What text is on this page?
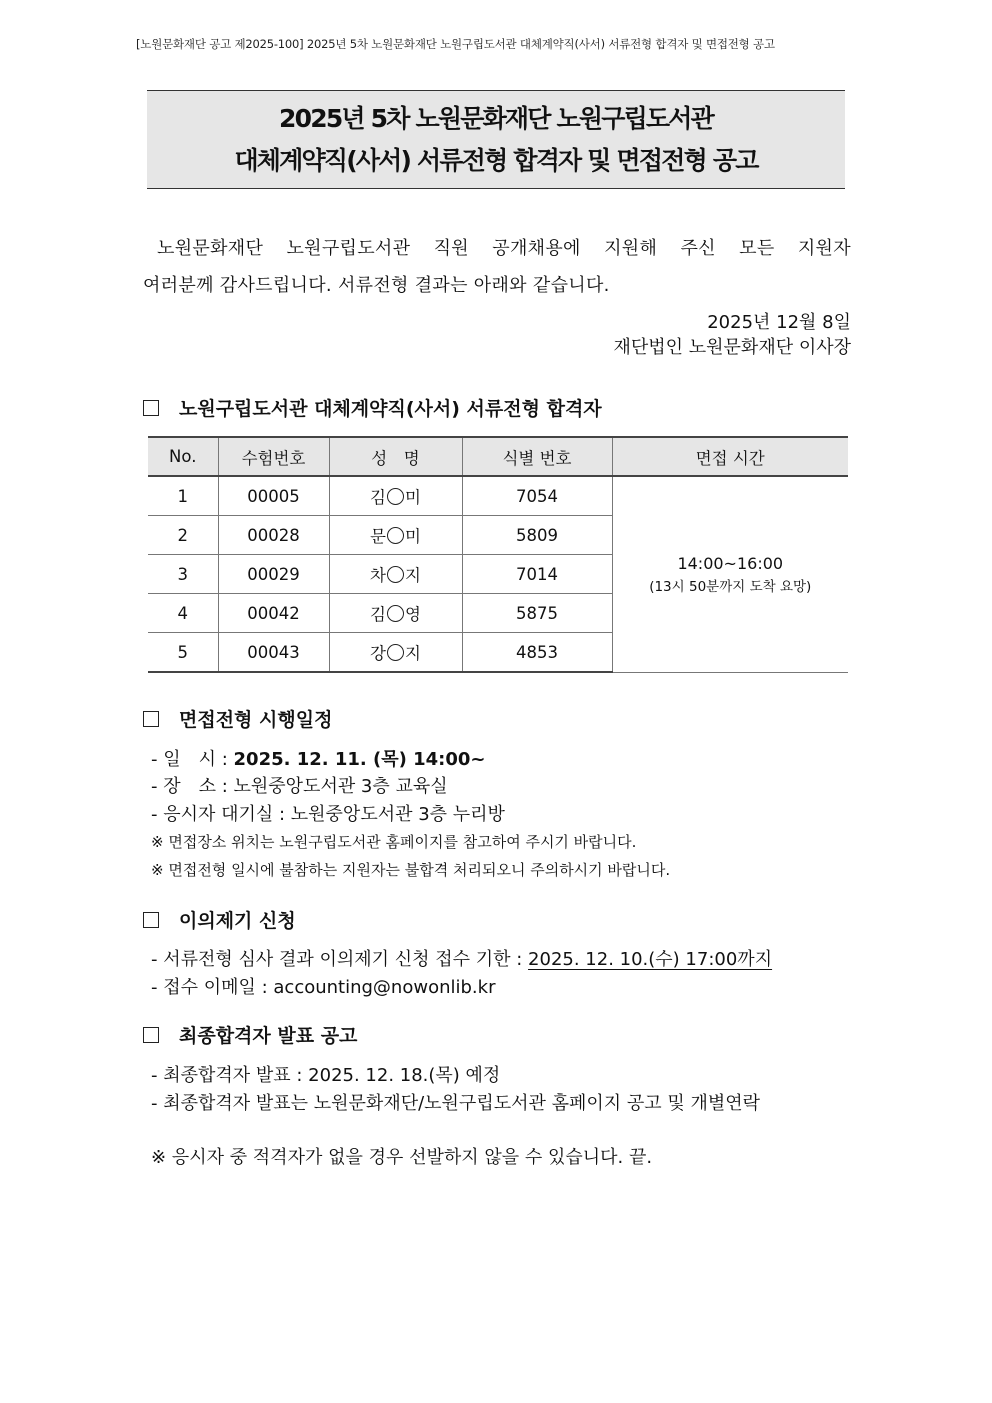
[노원문화재단 공고 제2025-100] 2025년 5차 노원문화재단 노원구립도서관 대체계약직(사서) 서류전형 합격자 및 면접전형 공고
2025년 5차 노원문화재단 노원구립도서관
대체계약직(사서) 서류전형 합격자 및 면접전형 공고
노원문화재단 노원구립도서관 직원 공개채용에 지원해 주신 모든 지원자
여러분께 감사드립니다. 서류전형 결과는 아래와 같습니다.
2025년 12월 8일
재단법인 노원문화재단 이사장
노원구립도서관 대체계약직(사서) 서류전형 합격자
No.	수험번호	성　명	식별 번호	면접 시간
1	00005	김 미	7054	14:00~16:00
(13시 50분까지 도착 요망)

2	00028	문 미	5809	
3	00029	차 지	7014	
4	00042	김 영	5875	
5	00043	강 지	4853	
면접전형 시행일정
- 일　시 : 2025. 12. 11. (목) 14:00~
- 장　소 : 노원중앙도서관 3층 교육실
- 응시자 대기실 : 노원중앙도서관 3층 누리방
※ 면접장소 위치는 노원구립도서관 홈페이지를 참고하여 주시기 바랍니다.
※ 면접전형 일시에 불참하는 지원자는 불합격 처리되오니 주의하시기 바랍니다.
이의제기 신청
- 서류전형 심사 결과 이의제기 신청 접수 기한 : 2025. 12. 10.(수) 17:00까지
- 접수 이메일 : accounting@nowonlib.kr
최종합격자 발표 공고
- 최종합격자 발표 : 2025. 12. 18.(목) 예정
- 최종합격자 발표는 노원문화재단/노원구립도서관 홈페이지 공고 및 개별연락
※ 응시자 중 적격자가 없을 경우 선발하지 않을 수 있습니다. 끝.
